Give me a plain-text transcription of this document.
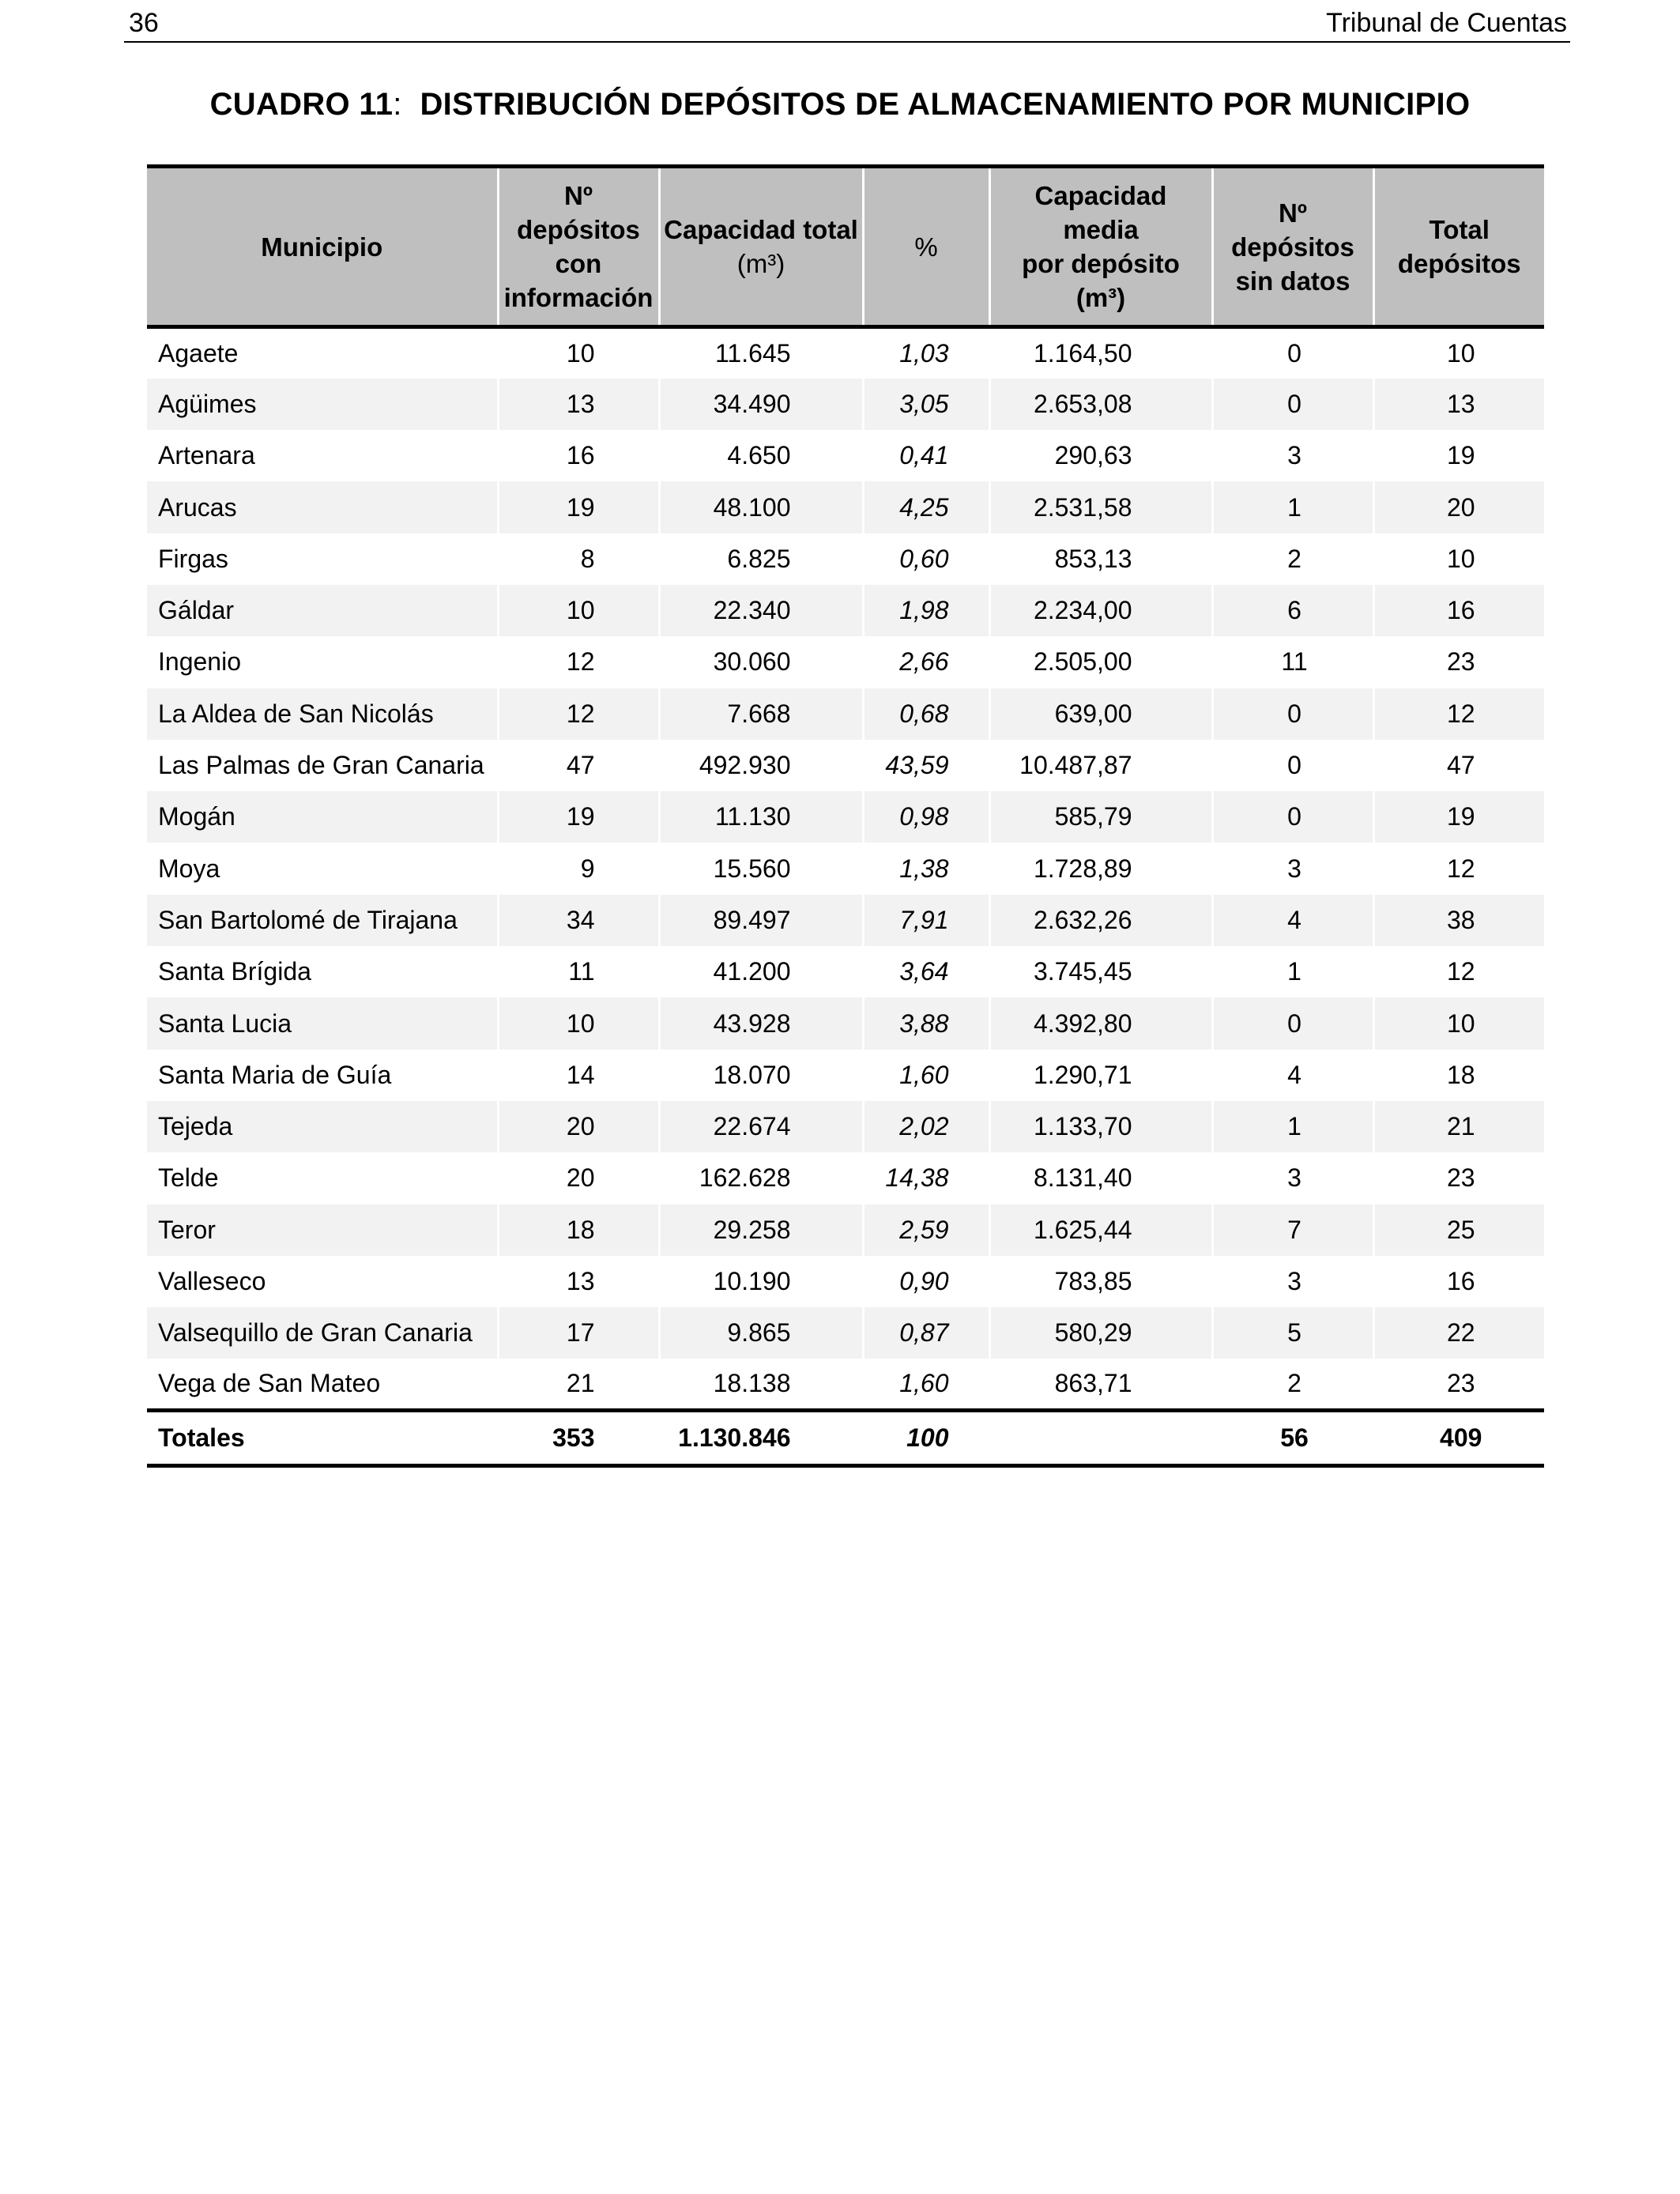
36	Tribunal de Cuentas
CUADRO 11: DISTRIBUCIÓN DEPÓSITOS DE ALMACENAMIENTO POR MUNICIPIO
Municipio	Nº
depósitos
con
información	Capacidad total
(m³)	%	Capacidad media
por depósito (m³)	Nº
depósitos
sin datos	Total
depósitos
Agaete	10	11.645	1,03	1.164,50	0	10
Agüimes	13	34.490	3,05	2.653,08	0	13
Artenara	16	4.650	0,41	290,63	3	19
Arucas	19	48.100	4,25	2.531,58	1	20
Firgas	8	6.825	0,60	853,13	2	10
Gáldar	10	22.340	1,98	2.234,00	6	16
Ingenio	12	30.060	2,66	2.505,00	11	23
La Aldea de San Nicolás	12	7.668	0,68	639,00	0	12
Las Palmas de Gran Canaria	47	492.930	43,59	10.487,87	0	47
Mogán	19	11.130	0,98	585,79	0	19
Moya	9	15.560	1,38	1.728,89	3	12
San Bartolomé de Tirajana	34	89.497	7,91	2.632,26	4	38
Santa Brígida	11	41.200	3,64	3.745,45	1	12
Santa Lucia	10	43.928	3,88	4.392,80	0	10
Santa Maria de Guía	14	18.070	1,60	1.290,71	4	18
Tejeda	20	22.674	2,02	1.133,70	1	21
Telde	20	162.628	14,38	8.131,40	3	23
Teror	18	29.258	2,59	1.625,44	7	25
Valleseco	13	10.190	0,90	783,85	3	16
Valsequillo de Gran Canaria	17	9.865	0,87	580,29	5	22
Vega de San Mateo	21	18.138	1,60	863,71	2	23
Totales	353	1.130.846	100		56	409
